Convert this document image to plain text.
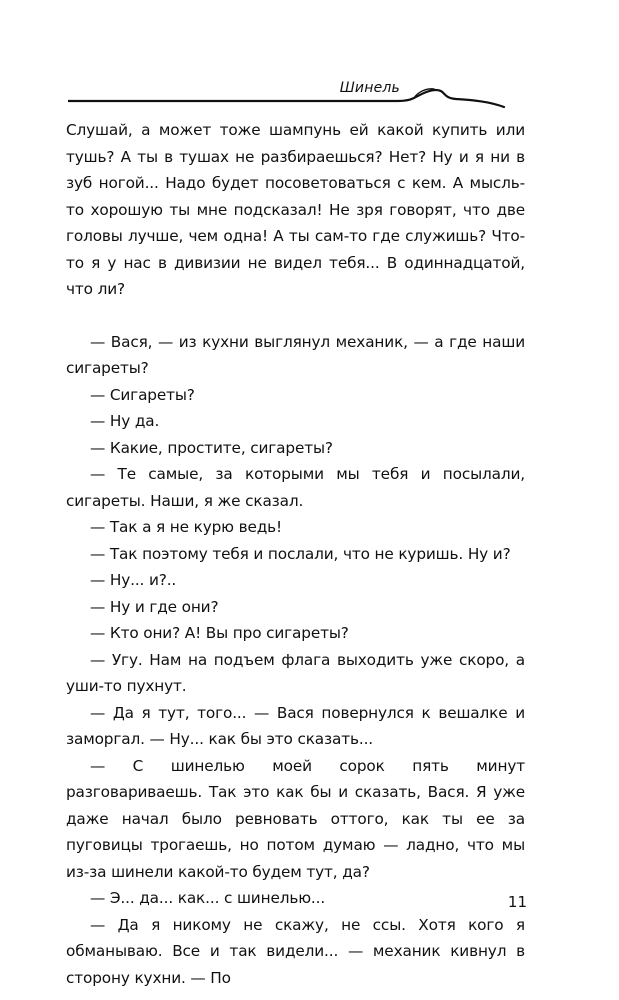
Шинель

Слушай, а может тоже шампунь ей какой купить или тушь? А ты в тушах не разбираешься? Нет? Ну и я ни в зуб ногой... Надо будет посоветоваться с кем. А мысль-то хорошую ты мне подсказал! Не зря говорят, что две головы лучше, чем одна! А ты сам-то где служишь? Что-то я у нас в дивизии не видел тебя... В одиннадцатой, что ли?

— Вася, — из кухни выглянул механик, — а где наши сигареты?

— Сигареты?

— Ну да.

— Какие, простите, сигареты?

— Те самые, за которыми мы тебя и посылали, сигареты. Наши, я же сказал.

— Так а я не курю ведь!

— Так поэтому тебя и послали, что не куришь. Ну и?

— Ну... и?..

— Ну и где они?

— Кто они? А! Вы про сигареты?

— Угу. Нам на подъем флага выходить уже скоро, а уши-то пухнут.

— Да я тут, того... — Вася повернулся к вешалке и заморгал. — Ну... как бы это сказать...

— С шинелью моей сорок пять минут разговариваешь. Так это как бы и сказать, Вася. Я уже даже начал было ревновать оттого, как ты ее за пуговицы трогаешь, но потом думаю — ладно, что мы из-за шинели какой-то будем тут, да?

— Э... да... как... с шинелью...

— Да я никому не скажу, не ссы. Хотя кого я обманываю. Все и так видели... — механик кивнул в сторону кухни. — По

11
